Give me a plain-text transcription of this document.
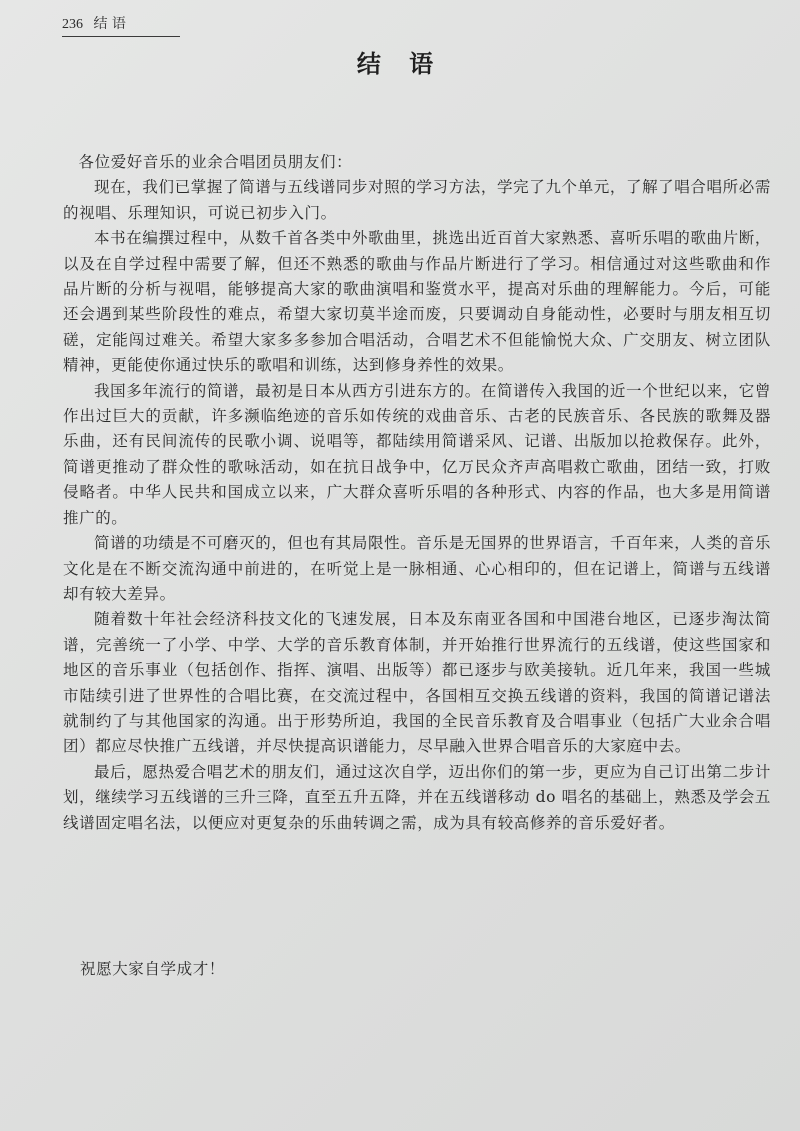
236 结 语
结 语

各位爱好音乐的业余合唱团员朋友们：

现在，我们已掌握了简谱与五线谱同步对照的学习方法，学完了九个单元，了解了唱合唱所必需的视唱、乐理知识，可说已初步入门。

本书在编撰过程中，从数千首各类中外歌曲里，挑选出近百首大家熟悉、喜听乐唱的歌曲片断，以及在自学过程中需要了解，但还不熟悉的歌曲与作品片断进行了学习。相信通过对这些歌曲和作品片断的分析与视唱，能够提高大家的歌曲演唱和鉴赏水平，提高对乐曲的理解能力。今后，可能还会遇到某些阶段性的难点，希望大家切莫半途而废，只要调动自身能动性，必要时与朋友相互切磋，定能闯过难关。希望大家多多参加合唱活动，合唱艺术不但能愉悦大众、广交朋友、树立团队精神，更能使你通过快乐的歌唱和训练，达到修身养性的效果。

我国多年流行的简谱，最初是日本从西方引进东方的。在简谱传入我国的近一个世纪以来，它曾作出过巨大的贡献，许多濒临绝迹的音乐如传统的戏曲音乐、古老的民族音乐、各民族的歌舞及器乐曲，还有民间流传的民歌小调、说唱等，都陆续用简谱采风、记谱、出版加以抢救保存。此外，简谱更推动了群众性的歌咏活动，如在抗日战争中，亿万民众齐声高唱救亡歌曲，团结一致，打败侵略者。中华人民共和国成立以来，广大群众喜听乐唱的各种形式、内容的作品，也大多是用简谱推广的。

简谱的功绩是不可磨灭的，但也有其局限性。音乐是无国界的世界语言，千百年来，人类的音乐文化是在不断交流沟通中前进的，在听觉上是一脉相通、心心相印的，但在记谱上，简谱与五线谱却有较大差异。

随着数十年社会经济科技文化的飞速发展，日本及东南亚各国和中国港台地区，已逐步淘汰简谱，完善统一了小学、中学、大学的音乐教育体制，并开始推行世界流行的五线谱，使这些国家和地区的音乐事业（包括创作、指挥、演唱、出版等）都已逐步与欧美接轨。近几年来，我国一些城市陆续引进了世界性的合唱比赛，在交流过程中，各国相互交换五线谱的资料，我国的简谱记谱法就制约了与其他国家的沟通。出于形势所迫，我国的全民音乐教育及合唱事业（包括广大业余合唱团）都应尽快推广五线谱，并尽快提高识谱能力，尽早融入世界合唱音乐的大家庭中去。

最后，愿热爱合唱艺术的朋友们，通过这次自学，迈出你们的第一步，更应为自己订出第二步计划，继续学习五线谱的三升三降，直至五升五降，并在五线谱移动 do 唱名的基础上，熟悉及学会五线谱固定唱名法，以便应对更复杂的乐曲转调之需，成为具有较高修养的音乐爱好者。

祝愿大家自学成才！
